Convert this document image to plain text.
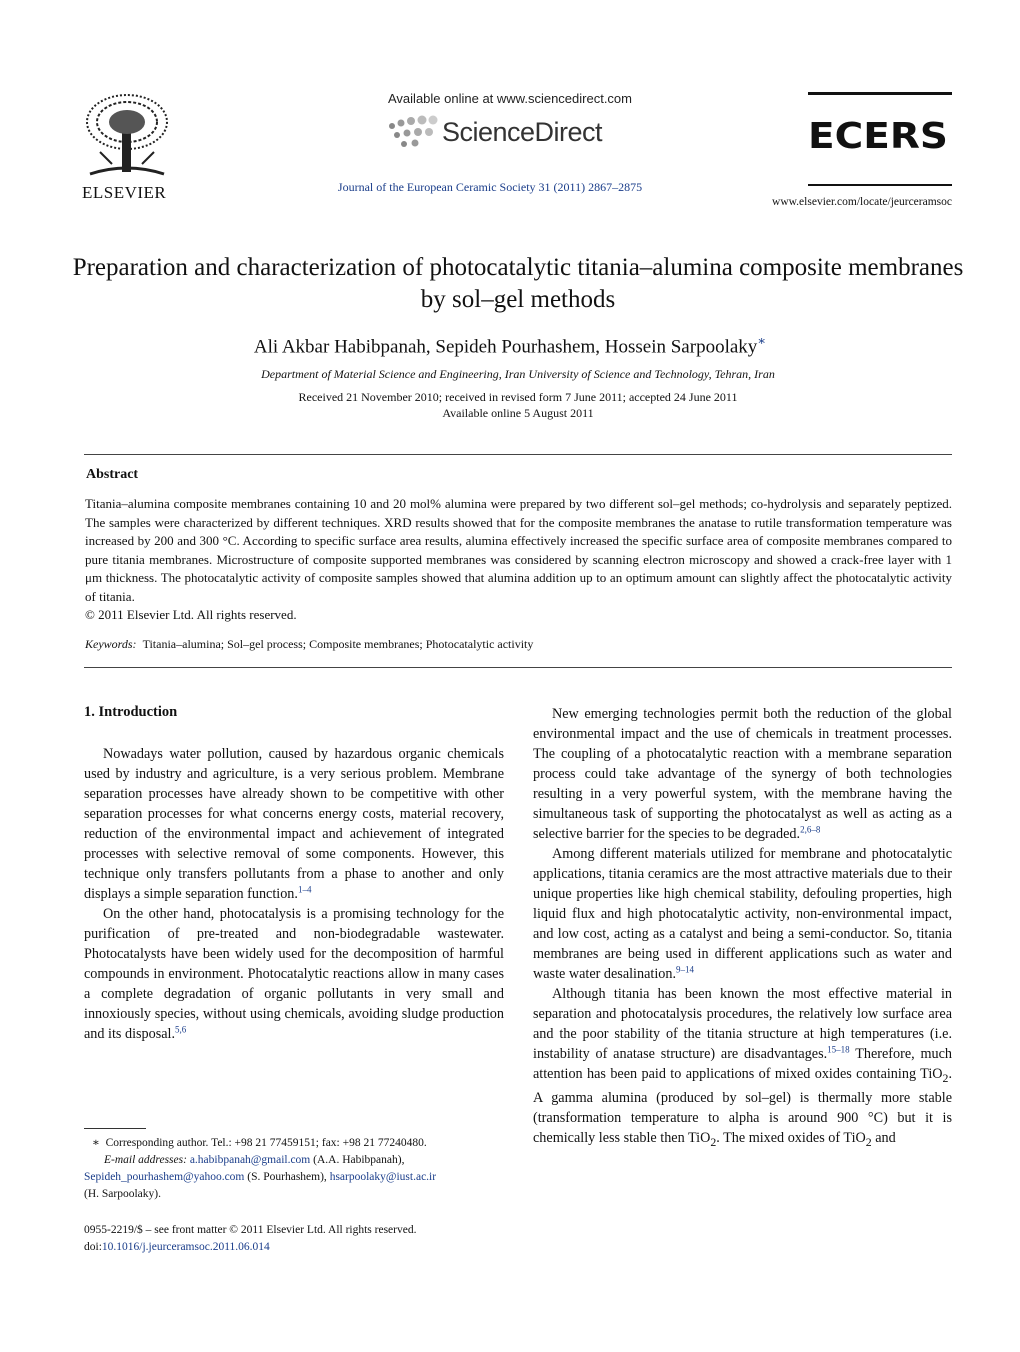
ELSEVIER
Available online at www.sciencedirect.com
ScienceDirect
Journal of the European Ceramic Society 31 (2011) 2867–2875
ECERS
www.elsevier.com/locate/jeurceramsoc
Preparation and characterization of photocatalytic titania–alumina composite membranes by sol–gel methods
Ali Akbar Habibpanah, Sepideh Pourhashem, Hossein Sarpoolaky∗
Department of Material Science and Engineering, Iran University of Science and Technology, Tehran, Iran
Received 21 November 2010; received in revised form 7 June 2011; accepted 24 June 2011
Available online 5 August 2011
Abstract
Titania–alumina composite membranes containing 10 and 20 mol% alumina were prepared by two different sol–gel methods; co-hydrolysis and separately peptized. The samples were characterized by different techniques. XRD results showed that for the composite membranes the anatase to rutile transformation temperature was increased by 200 and 300 °C. According to specific surface area results, alumina effectively increased the specific surface area of composite membranes compared to pure titania membranes. Microstructure of composite supported membranes was considered by scanning electron microscopy and showed a crack-free layer with 1 μm thickness. The photocatalytic activity of composite samples showed that alumina addition up to an optimum amount can slightly affect the photocatalytic activity of titania.
© 2011 Elsevier Ltd. All rights reserved.
Keywords: Titania–alumina; Sol–gel process; Composite membranes; Photocatalytic activity
1. Introduction

Nowadays water pollution, caused by hazardous organic chemicals used by industry and agriculture, is a very serious problem. Membrane separation processes have already shown to be competitive with other separation processes for what concerns energy costs, material recovery, reduction of the environmental impact and achievement of integrated processes with selective removal of some components. However, this technique only transfers pollutants from a phase to another and only displays a simple separation function.$^{1-4}$

On the other hand, photocatalysis is a promising technology for the purification of pre-treated and non-biodegradable wastewater. Photocatalysts have been widely used for the decomposition of harmful compounds in environment. Photocatalytic reactions allow in many cases a complete degradation of organic pollutants in very small and innoxiously species, without using chemicals, avoiding sludge production and its disposal.$^{5,6}$

New emerging technologies permit both the reduction of the global environmental impact and the use of chemicals in treatment processes. The coupling of a photocatalytic reaction with a membrane separation process could take advantage of the synergy of both technologies resulting in a very powerful system, with the membrane having the simultaneous task of supporting the photocatalyst as well as acting as a selective barrier for the species to be degraded.$^{2,6-8}$

Among different materials utilized for membrane and photocatalytic applications, titania ceramics are the most attractive materials due to their unique properties like high chemical stability, defouling properties, high liquid flux and high photocatalytic activity, non-environmental impact, and low cost, acting as a catalyst and being a semi-conductor. So, titania membranes are being used in different applications such as water and waste water desalination.$^{9-14}$

Although titania has been known the most effective material in separation and photocatalysis procedures, the relatively low surface area and the poor stability of the titania structure at high temperatures (i.e. instability of anatase structure) are disadvantages.$^{15-18}$ Therefore, much attention has been paid to applications of mixed oxides containing TiO$_2$. A gamma alumina (produced by sol–gel) is thermally more stable (transformation temperature to alpha is around 900 °C) but it is chemically less stable then TiO$_2$. The mixed oxides of TiO$_2$ and

∗ Corresponding author. Tel.: +98 21 77459151; fax: +98 21 77240480.
E-mail addresses: a.habibpanah@gmail.com (A.A. Habibpanah),
Sepideh_pourhashem@yahoo.com (S. Pourhashem), hsarpoolaky@iust.ac.ir
(H. Sarpoolaky).
0955-2219/$ – see front matter © 2011 Elsevier Ltd. All rights reserved.
doi:10.1016/j.jeurceramsoc.2011.06.014
